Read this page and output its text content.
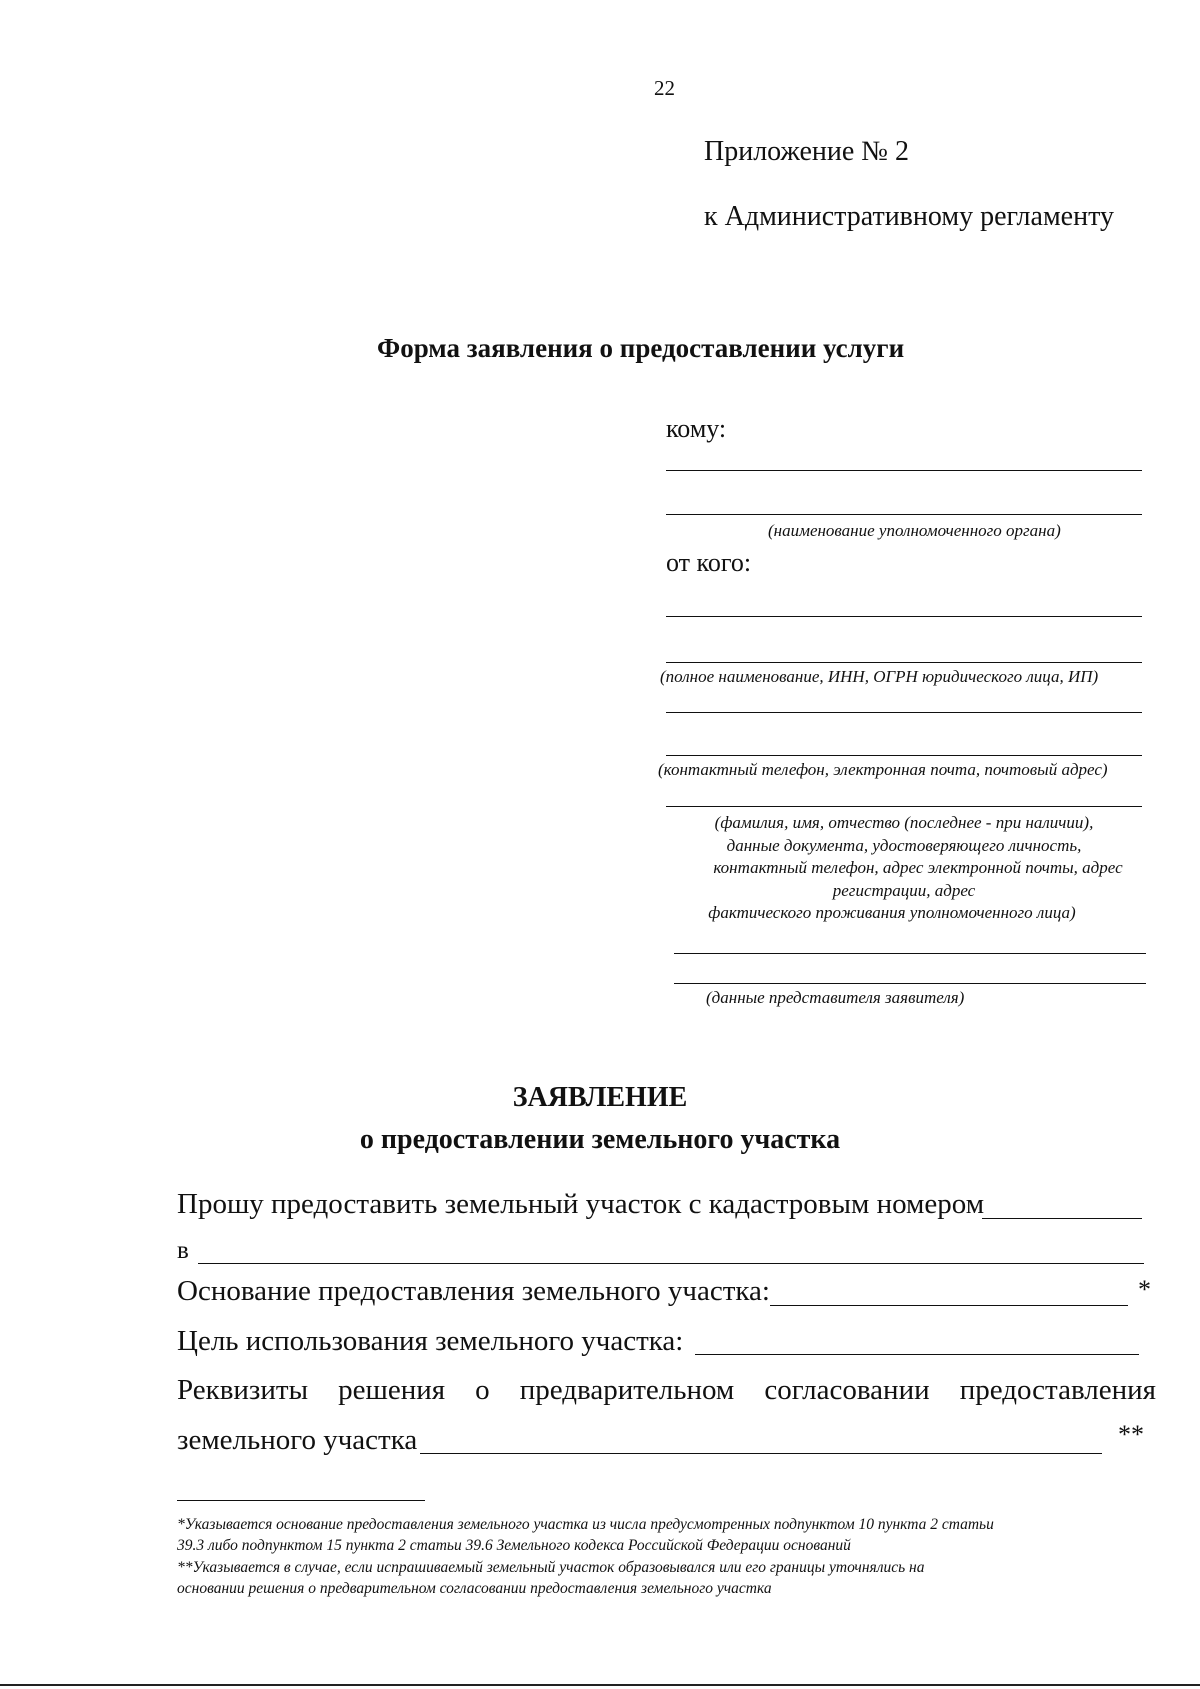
22
Приложение № 2
к Административному регламенту
Форма заявления о предоставлении услуги
кому:
(наименование уполномоченного органа)
от кого:
(полное наименование, ИНН, ОГРН юридического лица, ИП)
(контактный телефон, электронная почта, почтовый адрес)
(фамилия, имя, отчество (последнее - при наличии),
данные документа, удостоверяющего личность,
контактный телефон, адрес электронной почты, адрес
регистрации, адрес
фактического проживания уполномоченного лица)
(данные представителя заявителя)
ЗАЯВЛЕНИЕ
о предоставлении земельного участка
Прошу предоставить земельный участок с кадастровым номером
в
Основание предоставления земельного участка:	*
Цель использования земельного участка:
Реквизиты решения о предварительном согласовании предоставления
земельного участка	**
*Указывается основание предоставления земельного участка из числа предусмотренных подпунктом 10 пункта 2 статьи
39.3 либо подпунктом 15 пункта 2 статьи 39.6 Земельного кодекса Российской Федерации оснований
**Указывается в случае, если испрашиваемый земельный участок образовывался или его границы уточнялись на
основании решения о предварительном согласовании предоставления земельного участка
